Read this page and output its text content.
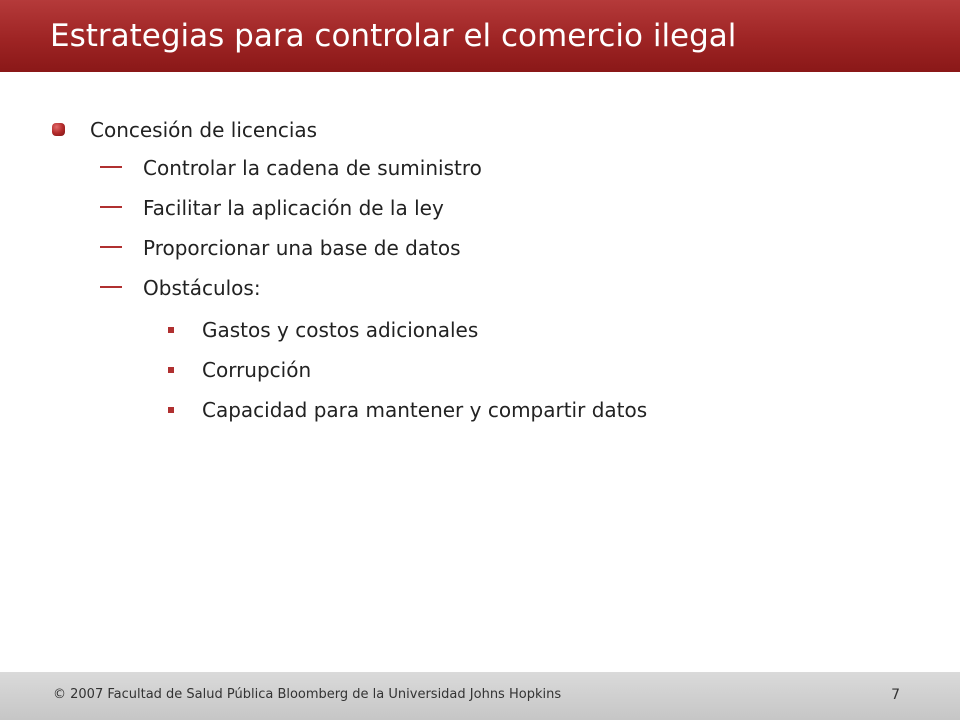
Estrategias para controlar el comercio ilegal
Concesión de licencias
Controlar la cadena de suministro
Facilitar la aplicación de la ley
Proporcionar una base de datos
Obstáculos:
Gastos y costos adicionales
Corrupción
Capacidad para mantener y compartir datos
© 2007 Facultad de Salud Pública Bloomberg de la Universidad Johns Hopkins	7
